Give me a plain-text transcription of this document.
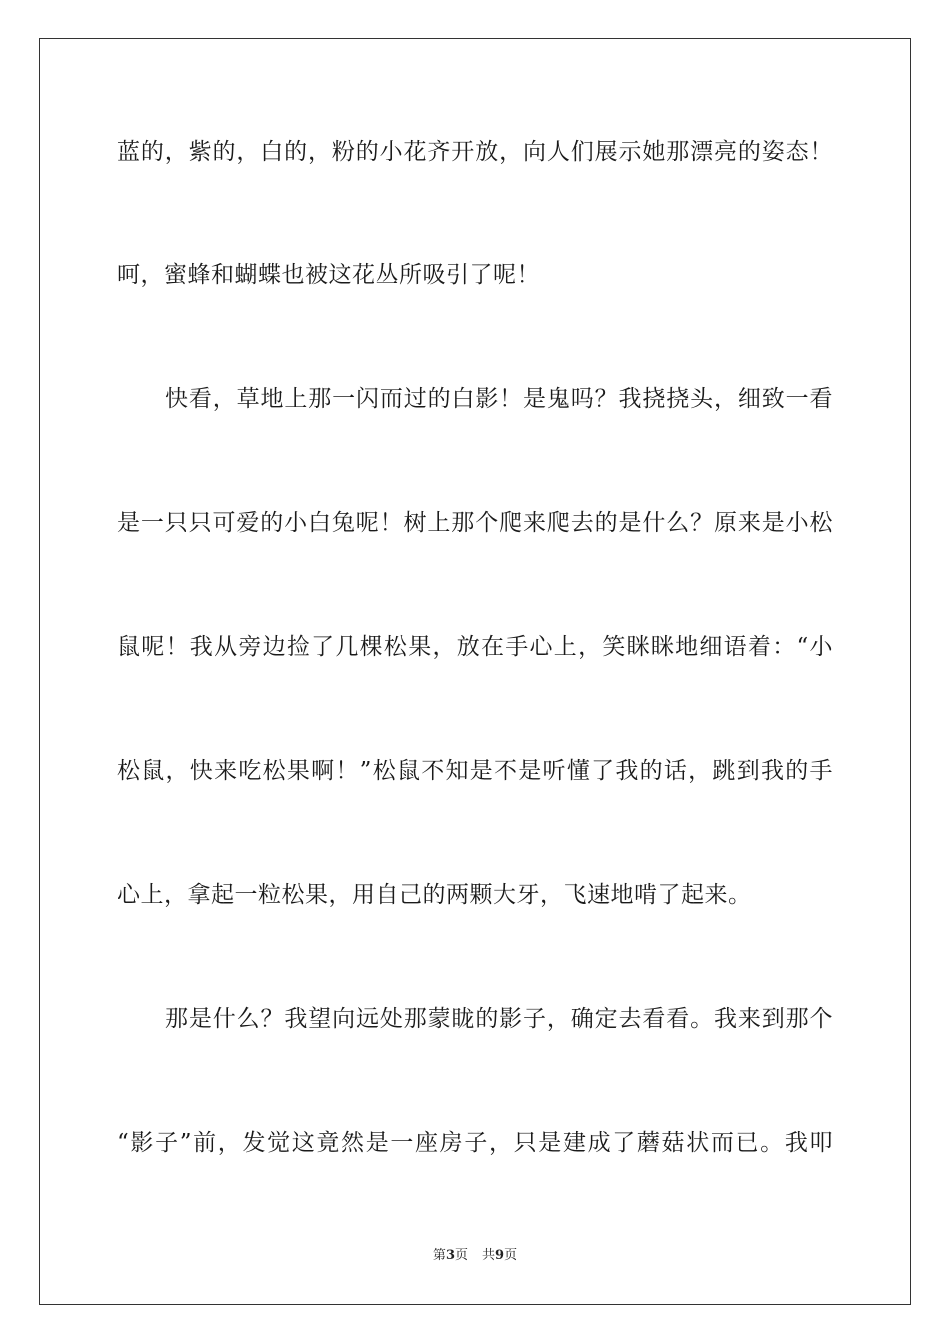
蓝的，紫的，白的，粉的小花齐开放，向人们展示她那漂亮的姿态！
呵，蜜蜂和蝴蝶也被这花丛所吸引了呢！
快看，草地上那一闪而过的白影！是鬼吗？我挠挠头，细致一看
是一只只可爱的小白兔呢！树上那个爬来爬去的是什么？原来是小松
鼠呢！我从旁边捡了几棵松果，放在手心上，笑眯眯地细语着：“小
松鼠，快来吃松果啊！”松鼠不知是不是听懂了我的话，跳到我的手
心上，拿起一粒松果，用自己的两颗大牙，飞速地啃了起来。
那是什么？我望向远处那蒙眬的影子，确定去看看。我来到那个
“影子”前，发觉这竟然是一座房子，只是建成了蘑菇状而已。我叩
第3页 共9页
